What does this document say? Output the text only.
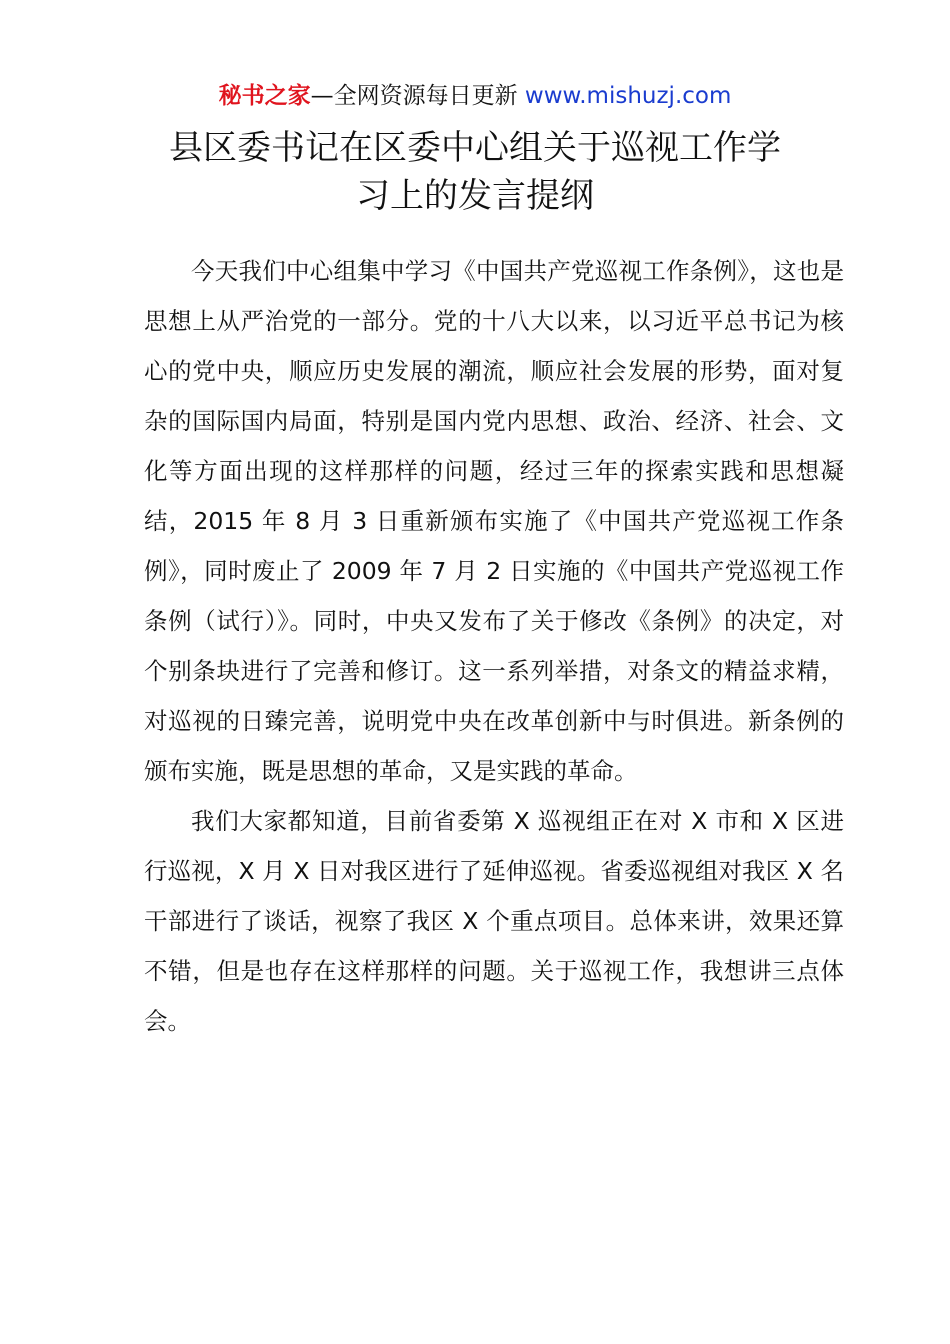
秘书之家—全网资源每日更新 www.mishuzj.com
县区委书记在区委中心组关于巡视工作学
习上的发言提纲

今天我们中心组集中学习《中国共产党巡视工作条例》，这也是思想上从严治党的一部分。党的十八大以来，以习近平总书记为核心的党中央，顺应历史发展的潮流，顺应社会发展的形势，面对复杂的国际国内局面，特别是国内党内思想、政治、经济、社会、文化等方面出现的这样那样的问题，经过三年的探索实践和思想凝结，2015 年 8 月 3 日重新颁布实施了《中国共产党巡视工作条例》，同时废止了 2009 年 7 月 2 日实施的《中国共产党巡视工作条例（试行）》。同时，中央又发布了关于修改《条例》的决定，对个别条块进行了完善和修订。这一系列举措，对条文的精益求精，对巡视的日臻完善，说明党中央在改革创新中与时俱进。新条例的颁布实施，既是思想的革命，又是实践的革命。

我们大家都知道，目前省委第 X 巡视组正在对 X 市和 X 区进行巡视，X 月 X 日对我区进行了延伸巡视。省委巡视组对我区 X 名干部进行了谈话，视察了我区 X 个重点项目。总体来讲，效果还算不错，但是也存在这样那样的问题。关于巡视工作，我想讲三点体会。
